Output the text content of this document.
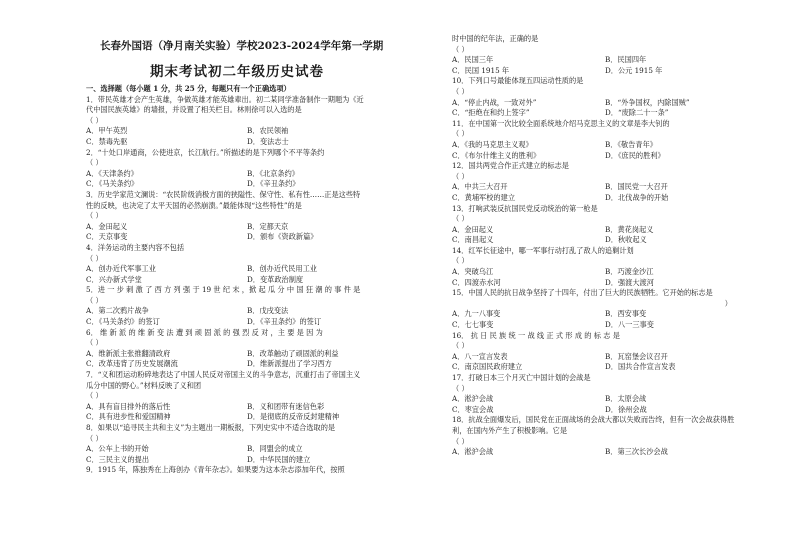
长春外国语（净月南关实验）学校2023-2024学年第一学期
期末考试初二年级历史试卷
一、选择题（每小题 1 分，共 25 分，每题只有一个正确选项）
1．带民英雄才会产生英雄，争做英雄才能英雄辈出。初二某同学准备制作一期题为《近
代中国民族英雄》的墙报，并设置了相关栏目。林则徐可以入选的是
（ ）
A．甲午英烈	B．农民领袖
C．禁毒先驱	D．变法志士
2．“十处口岸通商，公使进京，长江航行。”所描述的是下列哪个不平等条约
（ ）
A．《天津条约》	B．《北京条约》
C．《马关条约》	D．《辛丑条约》
3．历史学家范文澜说：“农民阶级消极方面的狭隘性、保守性、私有性……正是这些特
性的反映，也决定了太平天国的必然崩溃。”最能体现“这些特性”的是
（ ）
A．金田起义	B．定都天京
C．天京事变	D．颁布《资政新篇》
4．洋务运动的主要内容不包括
（ ）
A．创办近代军事工业	B．创办近代民用工业
C．兴办新式学堂	D．变革政治制度
5．进 一 步 刺 激 了 西 方 列 强 于 19 世 纪 末 ，掀 起 瓜 分 中 国 狂 潮 的 事 件 是
（ ）
A．第二次鸦片战争	B．戊戌变法
C．《马关条约》的签订	D．《辛丑条约》的签订
6． 维 新 派 的 维 新 变 法 遭 到 顽 固 派 的 强 烈 反 对 ，主 要 是 因 为
（ ）
A．维新派主张推翻清政府	B．改革触动了顽固派的利益
C．改革违背了历史发展潮流	D．维新派提出了学习西方
7．“义和团运动粉碎地表达了中国人民反对帝国主义的斗争意志，沉重打击了帝国主义
瓜分中国的野心。”材料反映了义和团
（ ）
A．具有盲目排外的落后性	B．义和团带有迷信色彩
C．具有进步性和爱国精神	D．是彻底的反帝反封建精神
8．如果以“追寻民主共和主义”为主题出一期板报，下列史实中不适合选取的是
（ ）
A．公车上书的开始	B．同盟会的成立
C．三民主义的提出	D．中华民国的建立
9．1915 年，陈独秀在上海创办《青年杂志》。如果要为这本杂志添加年代，按照
时中国的纪年法，正确的是
（ ）
A．民国三年	B．民国四年
C．民国 1915 年	D．公元 1915 年
10．下列口号最能体现五四运动性质的是
（ ）
A．“停止内战，一致对外”	B．“外争国权，内除国贼”
C．“拒绝在和约上签字”	D．“废除二十一条”
11．在中国第一次比较全面系统地介绍马克思主义的文章是李大钊的
（ ）
A．《我的马克思主义观》	B．《敬告青年》
C．《布尔什维主义的胜利》	D．《庶民的胜利》
12．国共两党合作正式建立的标志是
（ ）
A．中共三大召开	B．国民党一大召开
C．黄埔军校的建立	D．北伐战争的开始
13．打响武装反抗国民党反动统治的第一枪是
（ ）
A．金田起义	B．黄花岗起义
C．南昌起义	D．秋收起义
14．红军长征途中，哪一军事行动打乱了敌人的追剿计划
（ ）
A．突破乌江	B．巧渡金沙江
C．四渡赤水河	D．强渡大渡河
15．中国人民的抗日战争坚持了十四年，付出了巨大的民族牺牲。它开始的标志是
）
A．九一八事变	B．西安事变
C．七七事变	D．八一三事变
16． 抗 日 民 族 统 一 战 线 正 式 形 成 的 标 志 是
（ ）
A．八一宣言发表	B．瓦窑堡会议召开
C．南京国民政府建立	D．国共合作宣言发表
17．打破日本三个月灭亡中国计划的会战是
（ ）
A．淞沪会战	B．太原会战
C．枣宜会战	D．徐州会战
18．抗战全面爆发后，国民党在正面战场的会战大都以失败而告终，但有一次会战获得胜
利，在国内外产生了积极影响。它是
（ ）
A．淞沪会战	B．第三次长沙会战
